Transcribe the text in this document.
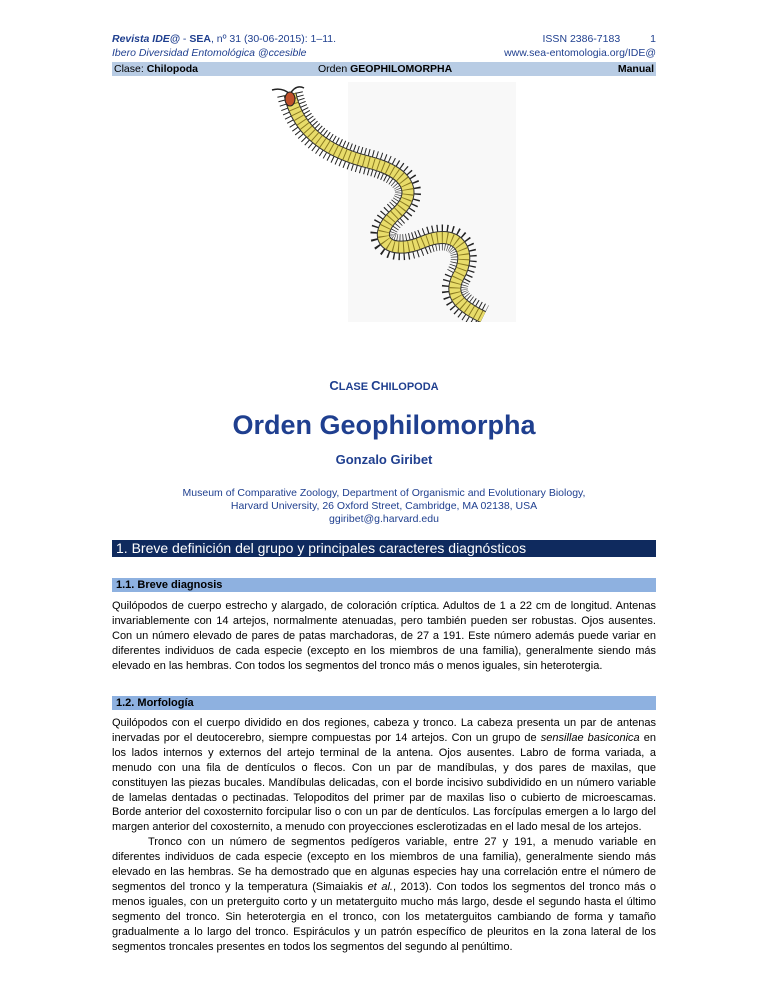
Revista IDE@ - SEA, nº 31 (30-06-2015): 1–11.	ISSN 2386-7183	1
Ibero Diversidad Entomológica @ccesible	www.sea-entomologia.org/IDE@
Clase: Chilopoda	Orden GEOPHILOMORPHA	Manual
CLASE CHILOPODA
Orden Geophilomorpha
Gonzalo Giribet
Museum of Comparative Zoology, Department of Organismic and Evolutionary Biology,
Harvard University, 26 Oxford Street, Cambridge, MA 02138, USA
ggiribet@g.harvard.edu
1. Breve definición del grupo y principales caracteres diagnósticos
1.1. Breve diagnosis
Quilópodos de cuerpo estrecho y alargado, de coloración críptica. Adultos de 1 a 22 cm de longitud. Antenas invariablemente con 14 artejos, normalmente atenuadas, pero también pueden ser robustas. Ojos ausentes. Con un número elevado de pares de patas marchadoras, de 27 a 191. Este número además puede variar en diferentes individuos de cada especie (excepto en los miembros de una familia), generalmente siendo más elevado en las hembras. Con todos los segmentos del tronco más o menos iguales, sin heterotergia.
1.2. Morfología
Quilópodos con el cuerpo dividido en dos regiones, cabeza y tronco. La cabeza presenta un par de antenas inervadas por el deutocerebro, siempre compuestas por 14 artejos. Con un grupo de sensillae basiconica en los lados internos y externos del artejo terminal de la antena. Ojos ausentes. Labro de forma variada, a menudo con una fila de dentículos o flecos. Con un par de mandíbulas, y dos pares de maxilas, que constituyen las piezas bucales. Mandíbulas delicadas, con el borde incisivo subdividido en un número variable de lamelas dentadas o pectinadas. Telopoditos del primer par de maxilas liso o cubierto de microescamas. Borde anterior del coxosternito forcipular liso o con un par de dentículos. Las forcípulas emergen a lo largo del margen anterior del coxosternito, a menudo con proyecciones esclerotizadas en el lado mesal de los artejos.
Tronco con un número de segmentos pedígeros variable, entre 27 y 191, a menudo variable en diferentes individuos de cada especie (excepto en los miembros de una familia), generalmente siendo más elevado en las hembras. Se ha demostrado que en algunas especies hay una correlación entre el número de segmentos del tronco y la temperatura (Simaiakis et al., 2013). Con todos los segmentos del tronco más o menos iguales, con un preterguito corto y un metaterguito mucho más largo, desde el segundo hasta el último segmento del tronco. Sin heterotergia en el tronco, con los metaterguitos cambiando de forma y tamaño gradualmente a lo largo del tronco. Espiráculos y un patrón específico de pleuritos en la zona lateral de los segmentos troncales presentes en todos los segmentos del segundo al penúltimo.
